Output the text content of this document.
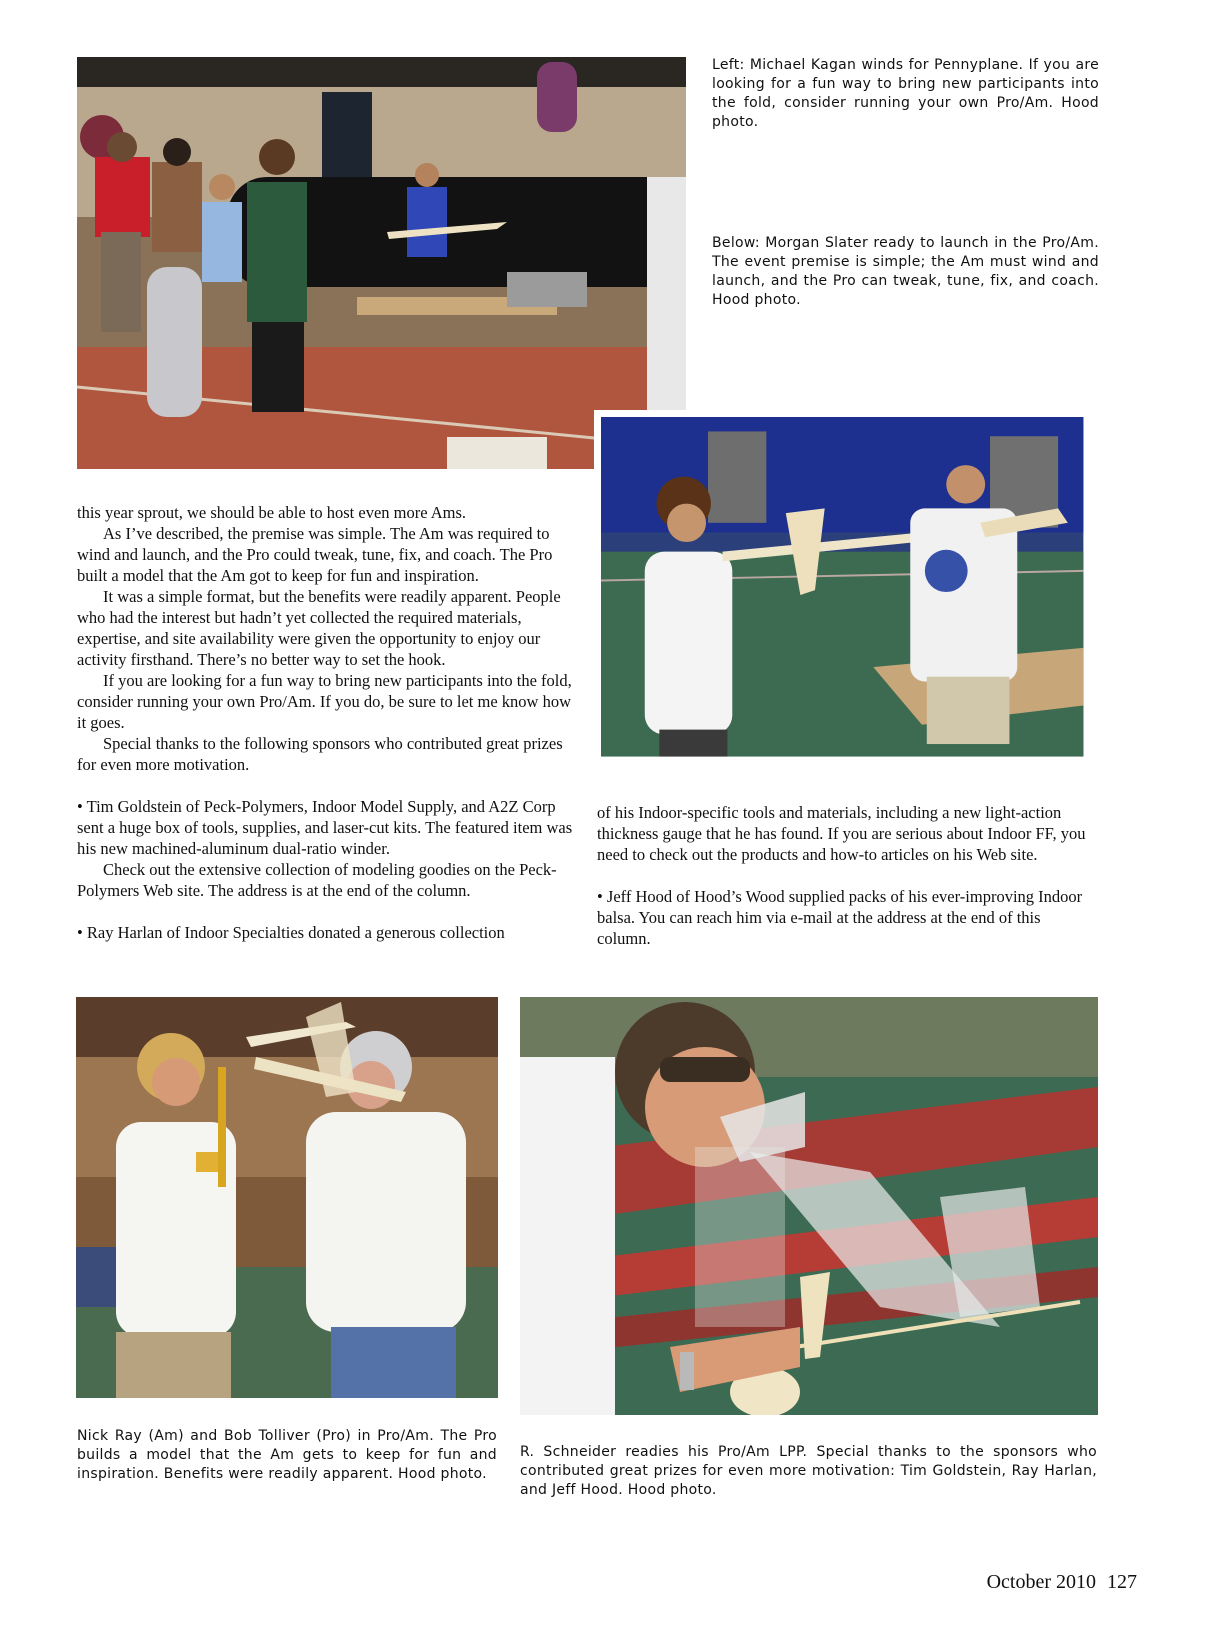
Left: Michael Kagan winds for Pennyplane. If you are looking for a fun way to bring new participants into the fold, consider running your own Pro/Am. Hood photo.
Below: Morgan Slater ready to launch in the Pro/Am. The event premise is simple; the Am must wind and launch, and the Pro can tweak, tune, fix, and coach. Hood photo.

this year sprout, we should be able to host even more Ams.

As I’ve described, the premise was simple. The Am was required to wind and launch, and the Pro could tweak, tune, fix, and coach. The Pro built a model that the Am got to keep for fun and inspiration.

It was a simple format, but the benefits were readily apparent. People who had the interest but hadn’t yet collected the required materials, expertise, and site availability were given the opportunity to enjoy our activity firsthand. There’s no better way to set the hook.

If you are looking for a fun way to bring new participants into the fold, consider running your own Pro/Am. If you do, be sure to let me know how it goes.

Special thanks to the following sponsors who contributed great prizes for even more motivation.

• Tim Goldstein of Peck-Polymers, Indoor Model Supply, and A2Z Corp sent a huge box of tools, supplies, and laser-cut kits. The featured item was his new machined-aluminum dual-ratio winder.

Check out the extensive collection of modeling goodies on the Peck-Polymers Web site. The address is at the end of the column.

• Ray Harlan of Indoor Specialties donated a generous collection

of his Indoor-specific tools and materials, including a new light-action thickness gauge that he has found. If you are serious about Indoor FF, you need to check out the products and how-to articles on his Web site.

• Jeff Hood of Hood’s Wood supplied packs of his ever-improving Indoor balsa. You can reach him via e-mail at the address at the end of this column.

Nick Ray (Am) and Bob Tolliver (Pro) in Pro/Am. The Pro builds a model that the Am gets to keep for fun and inspiration. Benefits were readily apparent. Hood photo.
R. Schneider readies his Pro/Am LPP. Special thanks to the sponsors who contributed great prizes for even more motivation: Tim Goldstein, Ray Harlan, and Jeff Hood. Hood photo.
October 2010 127
